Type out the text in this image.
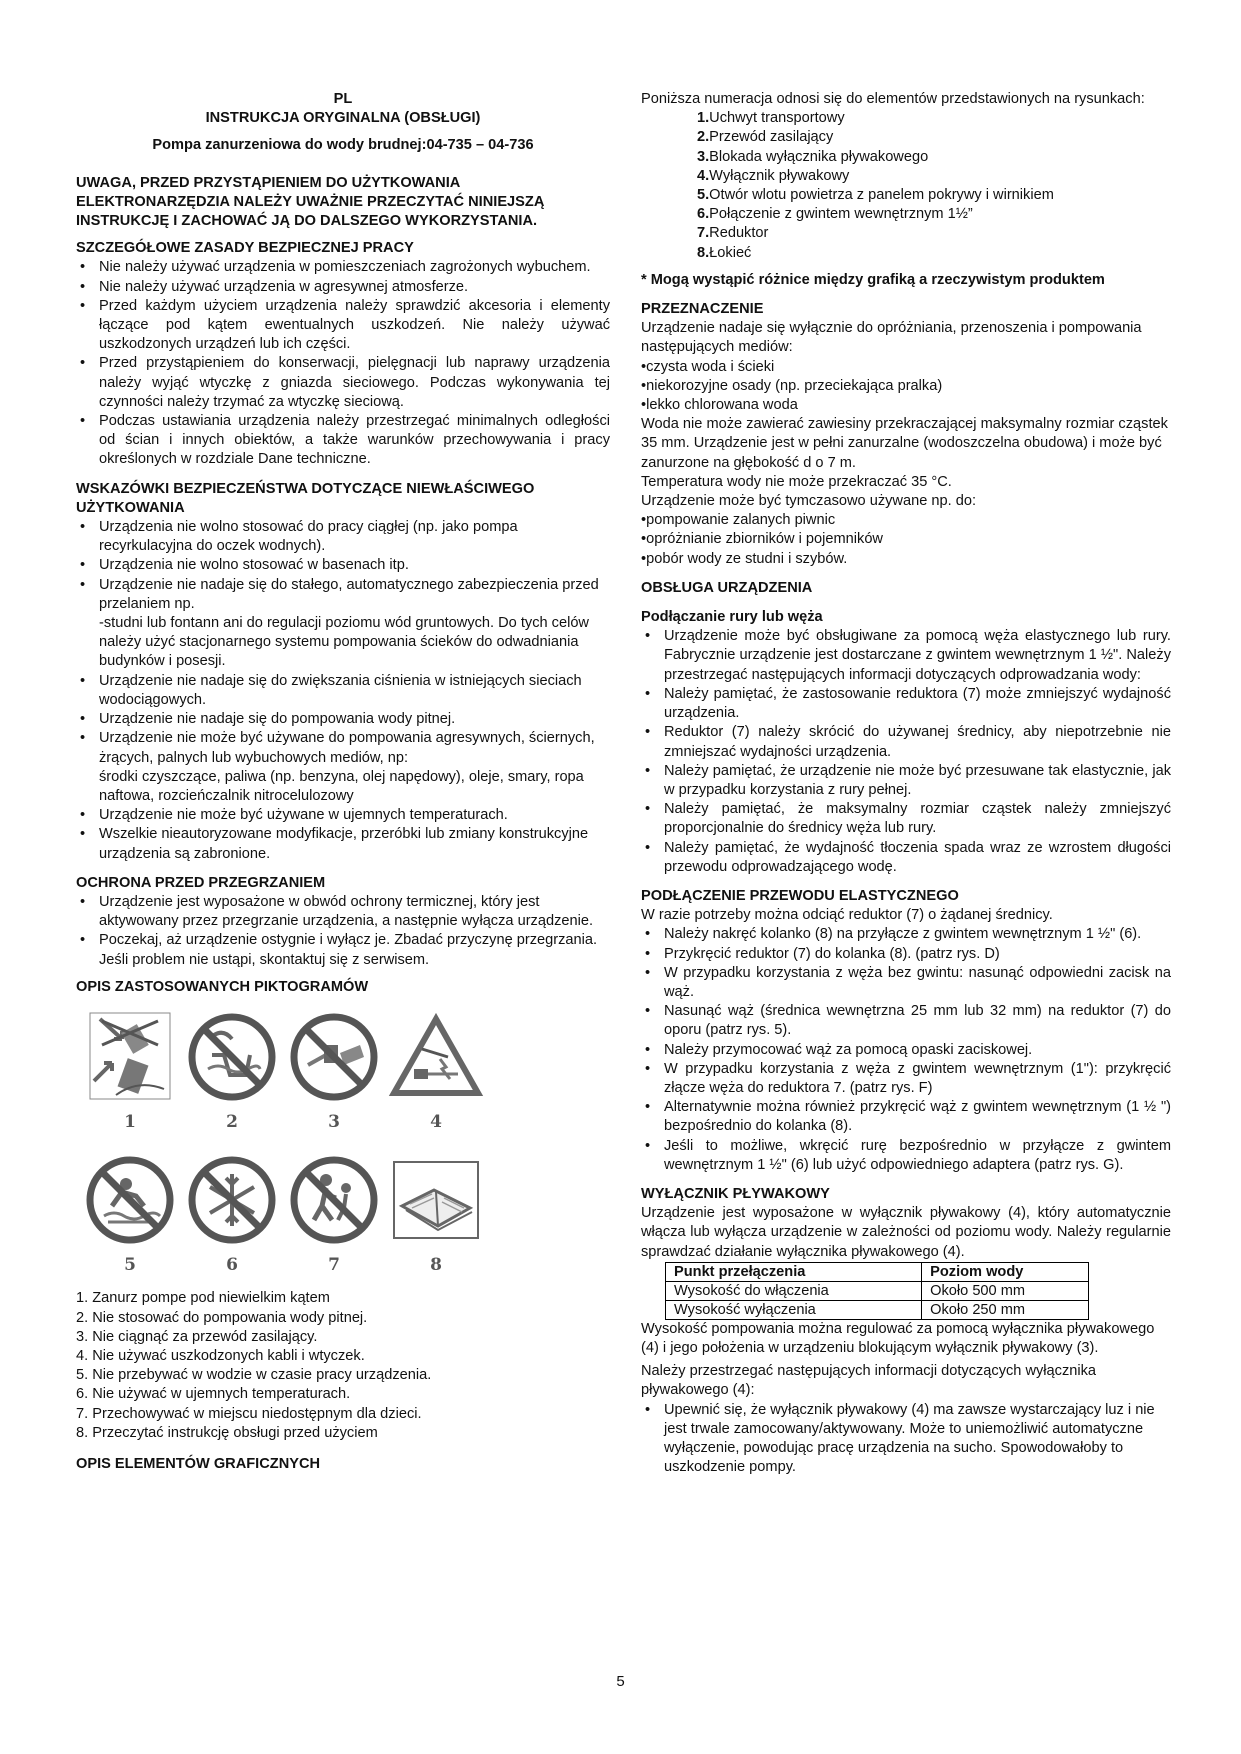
PL
INSTRUKCJA ORYGINALNA (OBSŁUGI)
Pompa zanurzeniowa do wody brudnej:04-735 – 04-736
UWAGA, PRZED PRZYSTĄPIENIEM DO UŻYTKOWANIA ELEKTRONARZĘDZIA NALEŻY UWAŻNIE PRZECZYTAĆ NINIEJSZĄ INSTRUKCJĘ I ZACHOWAĆ JĄ DO DALSZEGO WYKORZYSTANIA.
SZCZEGÓŁOWE ZASADY BEZPIECZNEJ PRACY
• Nie należy używać urządzenia w pomieszczeniach zagrożonych wybuchem.
• Nie należy używać urządzenia w agresywnej atmosferze.
• Przed każdym użyciem urządzenia należy sprawdzić akcesoria i elementy łączące pod kątem ewentualnych uszkodzeń. Nie należy używać uszkodzonych urządzeń lub ich części.
• Przed przystąpieniem do konserwacji, pielęgnacji lub naprawy urządzenia należy wyjąć wtyczkę z gniazda sieciowego. Podczas wykonywania tej czynności należy trzymać za wtyczkę sieciową.
• Podczas ustawiania urządzenia należy przestrzegać minimalnych odległości od ścian i innych obiektów, a także warunków przechowywania i pracy określonych w rozdziale Dane techniczne.
WSKAZÓWKI BEZPIECZEŃSTWA DOTYCZĄCE NIEWŁAŚCIWEGO UŻYTKOWANIA
• Urządzenia nie wolno stosować do pracy ciągłej (np. jako pompa recyrkulacyjna do oczek wodnych).
• Urządzenia nie wolno stosować w basenach itp.
• Urządzenie nie nadaje się do stałego, automatycznego zabezpieczenia przed przelaniem np.
-studni lub fontann ani do regulacji poziomu wód gruntowych. Do tych celów należy użyć stacjonarnego systemu pompowania ścieków do odwadniania budynków i posesji.
• Urządzenie nie nadaje się do zwiększania ciśnienia w istniejących sieciach wodociągowych.
• Urządzenie nie nadaje się do pompowania wody pitnej.
• Urządzenie nie może być używane do pompowania agresywnych, ściernych, żrących, palnych lub wybuchowych mediów, np:
środki czyszczące, paliwa (np. benzyna, olej napędowy), oleje, smary, ropa naftowa, rozcieńczalnik nitrocelulozowy
• Urządzenie nie może być używane w ujemnych temperaturach.
• Wszelkie nieautoryzowane modyfikacje, przeróbki lub zmiany konstrukcyjne urządzenia są zabronione.
OCHRONA PRZED PRZEGRZANIEM
• Urządzenie jest wyposażone w obwód ochrony termicznej, który jest aktywowany przez przegrzanie urządzenia, a następnie wyłącza urządzenie.
• Poczekaj, aż urządzenie ostygnie i wyłącz je. Zbadać przyczynę przegrzania. Jeśli problem nie ustąpi, skontaktuj się z serwisem.
OPIS ZASTOSOWANYCH PIKTOGRAMÓW
1	2	3	4
5	6	7	8
1. Zanurz pompe pod niewielkim kątem
2. Nie stosować do pompowania wody pitnej.
3. Nie ciągnąć za przewód zasilający.
4. Nie używać uszkodzonych kabli i wtyczek.
5. Nie przebywać w wodzie w czasie pracy urządzenia.
6. Nie używać w ujemnych temperaturach.
7. Przechowywać w miejscu niedostępnym dla dzieci.
8. Przeczytać instrukcję obsługi przed użyciem
OPIS ELEMENTÓW GRAFICZNYCH
Poniższa numeracja odnosi się do elementów przedstawionych na rysunkach:
1.Uchwyt transportowy
2.Przewód zasilający
3.Blokada wyłącznika pływakowego
4.Wyłącznik pływakowy
5.Otwór wlotu powietrza z panelem pokrywy i wirnikiem
6.Połączenie z gwintem wewnętrznym 1½”
7.Reduktor
8.Łokieć
* Mogą wystąpić różnice między grafiką a rzeczywistym produktem
PRZEZNACZENIE
Urządzenie nadaje się wyłącznie do opróżniania, przenoszenia i pompowania następujących mediów:
• czysta woda i ścieki
• niekorozyjne osady (np. przeciekająca pralka)
• lekko chlorowana woda
Woda nie może zawierać zawiesiny przekraczającej maksymalny rozmiar cząstek 35 mm. Urządzenie jest w pełni zanurzalne (wodoszczelna obudowa) i może być
zanurzone na głębokość d o 7 m.
Temperatura wody nie może przekraczać 35 °C.
Urządzenie może być tymczasowo używane np. do:
• pompowanie zalanych piwnic
• opróżnianie zbiorników i pojemników
• pobór wody ze studni i szybów.
OBSŁUGA URZĄDZENIA
Podłączanie rury lub węża
• Urządzenie może być obsługiwane za pomocą węża elastycznego lub rury. Fabrycznie urządzenie jest dostarczane z gwintem wewnętrznym 1 ½". Należy przestrzegać następujących informacji dotyczących odprowadzania wody:
• Należy pamiętać, że zastosowanie reduktora (7) może zmniejszyć wydajność urządzenia.
• Reduktor (7) należy skrócić do używanej średnicy, aby niepotrzebnie nie zmniejszać wydajności urządzenia.
• Należy pamiętać, że urządzenie nie może być przesuwane tak elastycznie, jak w przypadku korzystania z rury pełnej.
• Należy pamiętać, że maksymalny rozmiar cząstek należy zmniejszyć proporcjonalnie do średnicy węża lub rury.
• Należy pamiętać, że wydajność tłoczenia spada wraz ze wzrostem długości przewodu odprowadzającego wodę.
PODŁĄCZENIE PRZEWODU ELASTYCZNEGO
W razie potrzeby można odciąć reduktor (7) o żądanej średnicy.
• Należy nakręć kolanko (8) na przyłącze z gwintem wewnętrznym 1 ½" (6).
• Przykręcić reduktor (7) do kolanka (8). (patrz rys. D)
• W przypadku korzystania z węża bez gwintu: nasunąć odpowiedni zacisk na wąż.
• Nasunąć wąż (średnica wewnętrzna 25 mm lub 32 mm) na reduktor (7) do oporu (patrz rys. 5).
• Należy przymocować wąż za pomocą opaski zaciskowej.
• W przypadku korzystania z węża z gwintem wewnętrznym (1"): przykręcić złącze węża do reduktora 7. (patrz rys. F)
• Alternatywnie można również przykręcić wąż z gwintem wewnętrznym (1 ½ ") bezpośrednio do kolanka (8).
• Jeśli to możliwe, wkręcić rurę bezpośrednio w przyłącze z gwintem wewnętrznym 1 ½" (6) lub użyć odpowiedniego adaptera (patrz rys. G).
WYŁĄCZNIK PŁYWAKOWY
Urządzenie jest wyposażone w wyłącznik pływakowy (4), który automatycznie włącza lub wyłącza urządzenie w zależności od poziomu wody. Należy regularnie sprawdzać działanie wyłącznika pływakowego (4).
Punkt przełączenia	Poziom wody
Wysokość do włączenia	Około 500 mm
Wysokość wyłączenia	Około 250 mm
Wysokość pompowania można regulować za pomocą wyłącznika pływakowego (4) i jego położenia w urządzeniu blokującym wyłącznik pływakowy (3).
Należy przestrzegać następujących informacji dotyczących wyłącznika pływakowego (4):
• Upewnić się, że wyłącznik pływakowy (4) ma zawsze wystarczający luz i nie jest trwale zamocowany/aktywowany. Może to uniemożliwić automatyczne wyłączenie, powodując pracę urządzenia na sucho. Spowodowałoby to uszkodzenie pompy.
5
